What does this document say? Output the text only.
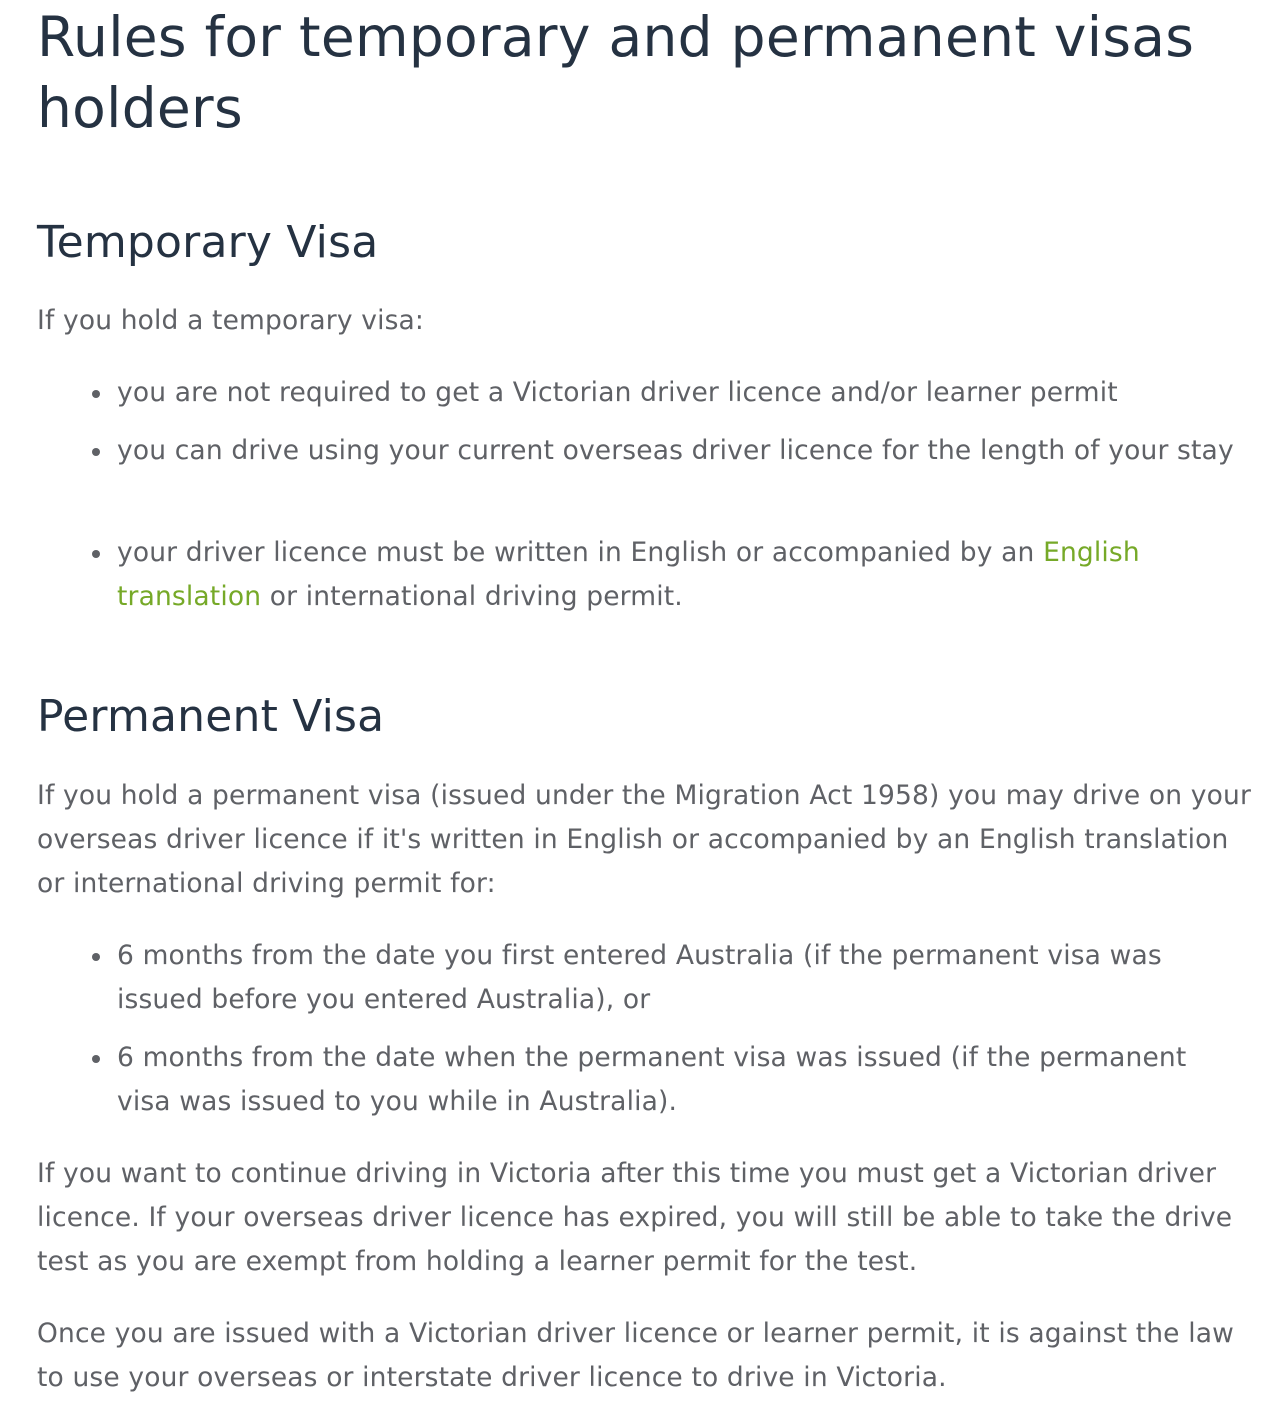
Rules for temporary and permanent visas holders
Temporary Visa

If you hold a temporary visa:

you are not required to get a Victorian driver licence and/or learner permit
you can drive using your current overseas driver licence for the length of your stay
your driver licence must be written in English or accompanied by an English translation or international driving permit.
Permanent Visa

If you hold a permanent visa (issued under the Migration Act 1958) you may drive on your overseas driver licence if it's written in English or accompanied by an English translation or international driving permit for:

6 months from the date you first entered Australia (if the permanent visa was issued before you entered Australia), or
6 months from the date when the permanent visa was issued (if the permanent visa was issued to you while in Australia).

If you want to continue driving in Victoria after this time you must get a Victorian driver licence. If your overseas driver licence has expired, you will still be able to take the drive test as you are exempt from holding a learner permit for the test.

Once you are issued with a Victorian driver licence or learner permit, it is against the law to use your overseas or interstate driver licence to drive in Victoria.
